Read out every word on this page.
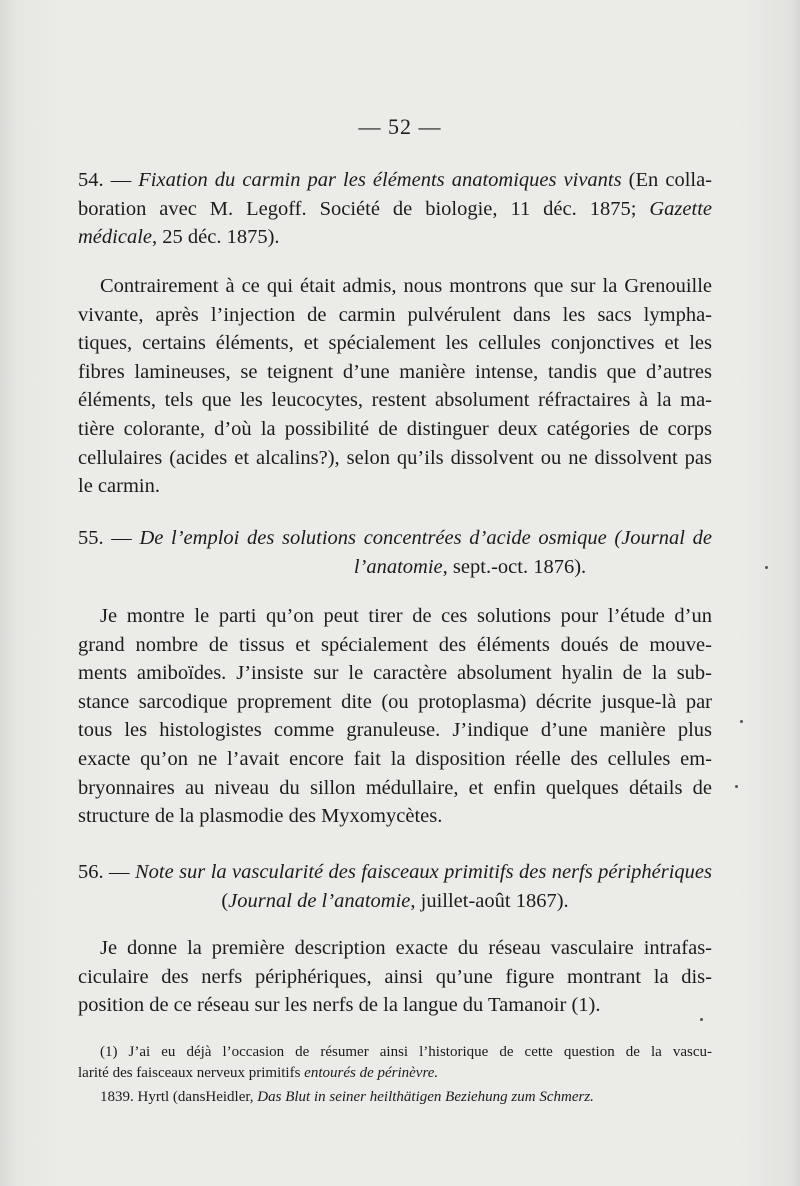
— 52 —
54. — Fixation du carmin par les éléments anatomiques vivants (En colla-
boration avec M. Legoff. Société de biologie, 11 déc. 1875; Gazette
médicale, 25 déc. 1875).
Contrairement à ce qui était admis, nous montrons que sur la Grenouille
vivante, après l’injection de carmin pulvérulent dans les sacs lympha-
tiques, certains éléments, et spécialement les cellules conjonctives et les
fibres lamineuses, se teignent d’une manière intense, tandis que d’autres
éléments, tels que les leucocytes, restent absolument réfractaires à la ma-
tière colorante, d’où la possibilité de distinguer deux catégories de corps
cellulaires (acides et alcalins?), selon qu’ils dissolvent ou ne dissolvent pas
le carmin.
55. — De l’emploi des solutions concentrées d’acide osmique (Journal de
l’anatomie, sept.-oct. 1876).
Je montre le parti qu’on peut tirer de ces solutions pour l’étude d’un
grand nombre de tissus et spécialement des éléments doués de mouve-
ments amiboïdes. J’insiste sur le caractère absolument hyalin de la sub-
stance sarcodique proprement dite (ou protoplasma) décrite jusque-là par
tous les histologistes comme granuleuse. J’indique d’une manière plus
exacte qu’on ne l’avait encore fait la disposition réelle des cellules em-
bryonnaires au niveau du sillon médullaire, et enfin quelques détails de
structure de la plasmodie des Myxomycètes.
56. — Note sur la vascularité des faisceaux primitifs des nerfs périphériques
(Journal de l’anatomie, juillet-août 1867).
Je donne la première description exacte du réseau vasculaire intrafas-
ciculaire des nerfs périphériques, ainsi qu’une figure montrant la dis-
position de ce réseau sur les nerfs de la langue du Tamanoir (1).
(1) J’ai eu déjà l’occasion de résumer ainsi l’historique de cette question de la vascu-
larité des faisceaux nerveux primitifs entourés de périnèvre.
1839. Hyrtl (dansHeidler, Das Blut in seiner heilthätigen Beziehung zum Schmerz.
